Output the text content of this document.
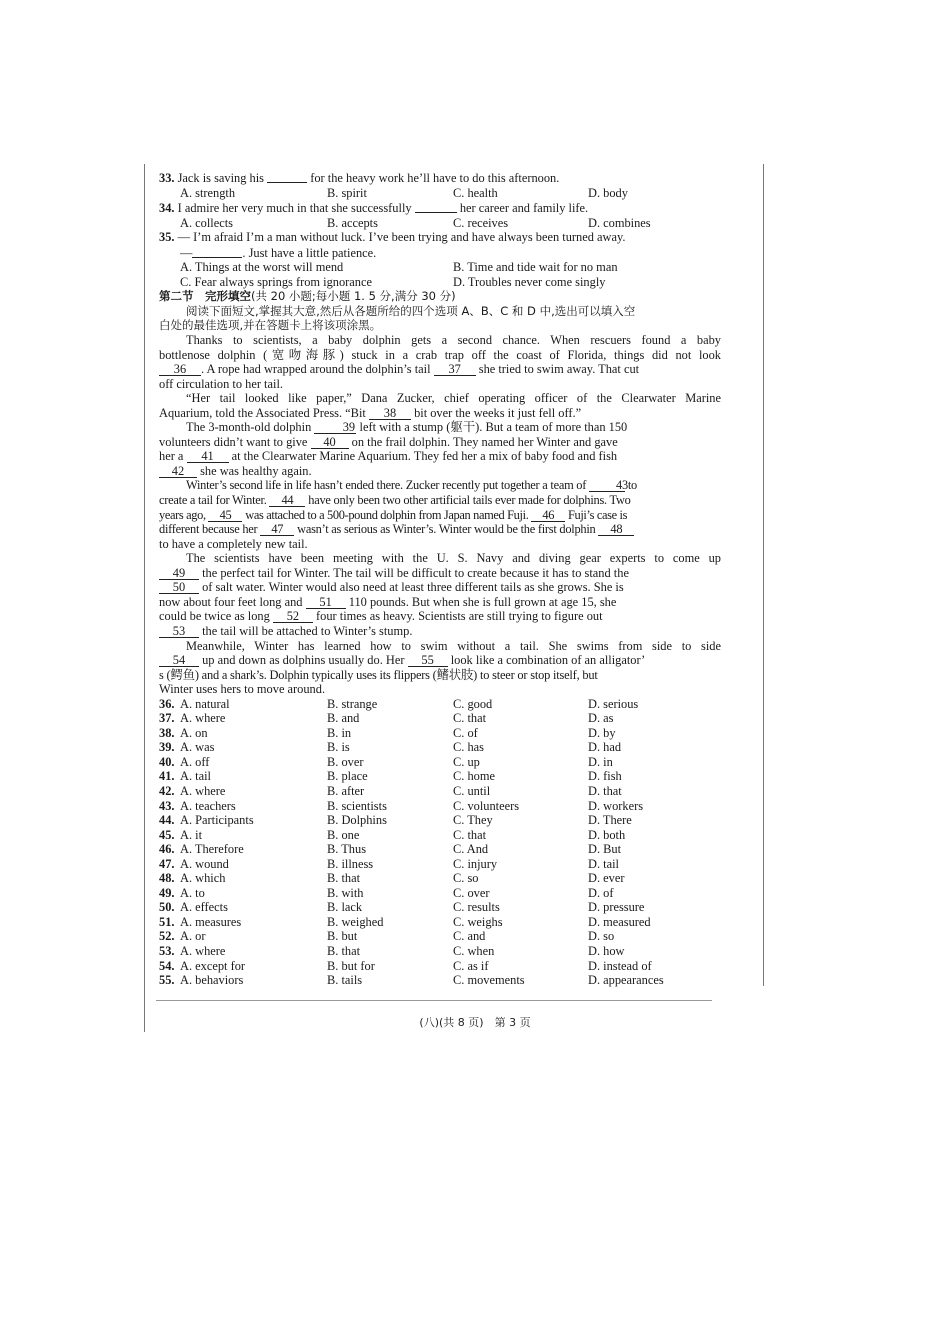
33. Jack is saving his	for the heavy work he’ll have to do this afternoon.
A. strength	B. spirit	C. health	D. body
34. I admire her very much in that she successfully	her career and family life.
A. collects	B. accepts	C. receives	D. combines
35. — I’m afraid I’m a man without luck. I’ve been trying and have always been turned away.
—	. Just have a little patience.
A. Things at the worst will mend	B. Time and tide wait for no man
C. Fear always springs from ignorance	D. Troubles never come singly
第二节　完形填空(共 20 小题;每小题 1. 5 分,满分 30 分)
阅读下面短文,掌握其大意,然后从各题所给的四个选项 A、B、C 和 D 中,选出可以填入空
白处的最佳选项,并在答题卡上将该项涂黑。
Thanks to scientists, a baby dolphin gets a second chance. When rescuers found a baby
bottlenose dolphin (宽吻海豚) stuck in a crab trap off the coast of Florida, things did not look
36 . A rope had wrapped around the dolphin’s tail 37 she tried to swim away. That cut
off circulation to her tail.
“Her tail looked like paper,” Dana Zucker, chief operating officer of the Clearwater Marine
Aquarium, told the Associated Press. “Bit 38 bit over the weeks it just fell off.”
The 3-month-old dolphin	39 left with a stump (躯干). But a team of more than 150
volunteers didn’t want to give 40 on the frail dolphin. They named her Winter and gave
her a 41 at the Clearwater Marine Aquarium. They fed her a mix of baby food and fish
42 she was healthy again.
Winter’s second life in life hasn’t ended there. Zucker recently put together a team of 43 to
create a tail for Winter. 44 have only been two other artificial tails ever made for dolphins. Two
years ago, 45 was attached to a 500-pound dolphin from Japan named Fuji. 46 Fuji’s case is
different because her 47 wasn’t as serious as Winter’s. Winter would be the first dolphin 48
to have a completely new tail.
The scientists have been meeting with the U. S. Navy and diving gear experts to come up
49 the perfect tail for Winter. The tail will be difficult to create because it has to stand the
50 of salt water. Winter would also need at least three different tails as she grows. She is
now about four feet long and 51 110 pounds. But when she is full grown at age 15, she
could be twice as long 52 four times as heavy. Scientists are still trying to figure out
53 the tail will be attached to Winter’s stump.
Meanwhile, Winter has learned how to swim without a tail. She swims from side to side
54 up and down as dolphins usually do. Her 55 look like a combination of an alligator’
s (鳄鱼) and a shark’s. Dolphin typically uses its flippers (鳍状肢) to steer or stop itself, but
Winter uses hers to move around.
36. A. natural	B. strange	C. good	D. serious
37. A. where	B. and	C. that	D. as
38. A. on	B. in	C. of	D. by
39. A. was	B. is	C. has	D. had
40. A. off	B. over	C. up	D. in
41. A. tail	B. place	C. home	D. fish
42. A. where	B. after	C. until	D. that
43. A. teachers	B. scientists	C. volunteers	D. workers
44. A. Participants	B. Dolphins	C. They	D. There
45. A. it	B. one	C. that	D. both
46. A. Therefore	B. Thus	C. And	D. But
47. A. wound	B. illness	C. injury	D. tail
48. A. which	B. that	C. so	D. ever
49. A. to	B. with	C. over	D. of
50. A. effects	B. lack	C. results	D. pressure
51. A. measures	B. weighed	C. weighs	D. measured
52. A. or	B. but	C. and	D. so
53. A. where	B. that	C. when	D. how
54. A. except for	B. but for	C. as if	D. instead of
55. A. behaviors	B. tails	C. movements	D. appearances
(八)(共 8 页)　第 3 页
